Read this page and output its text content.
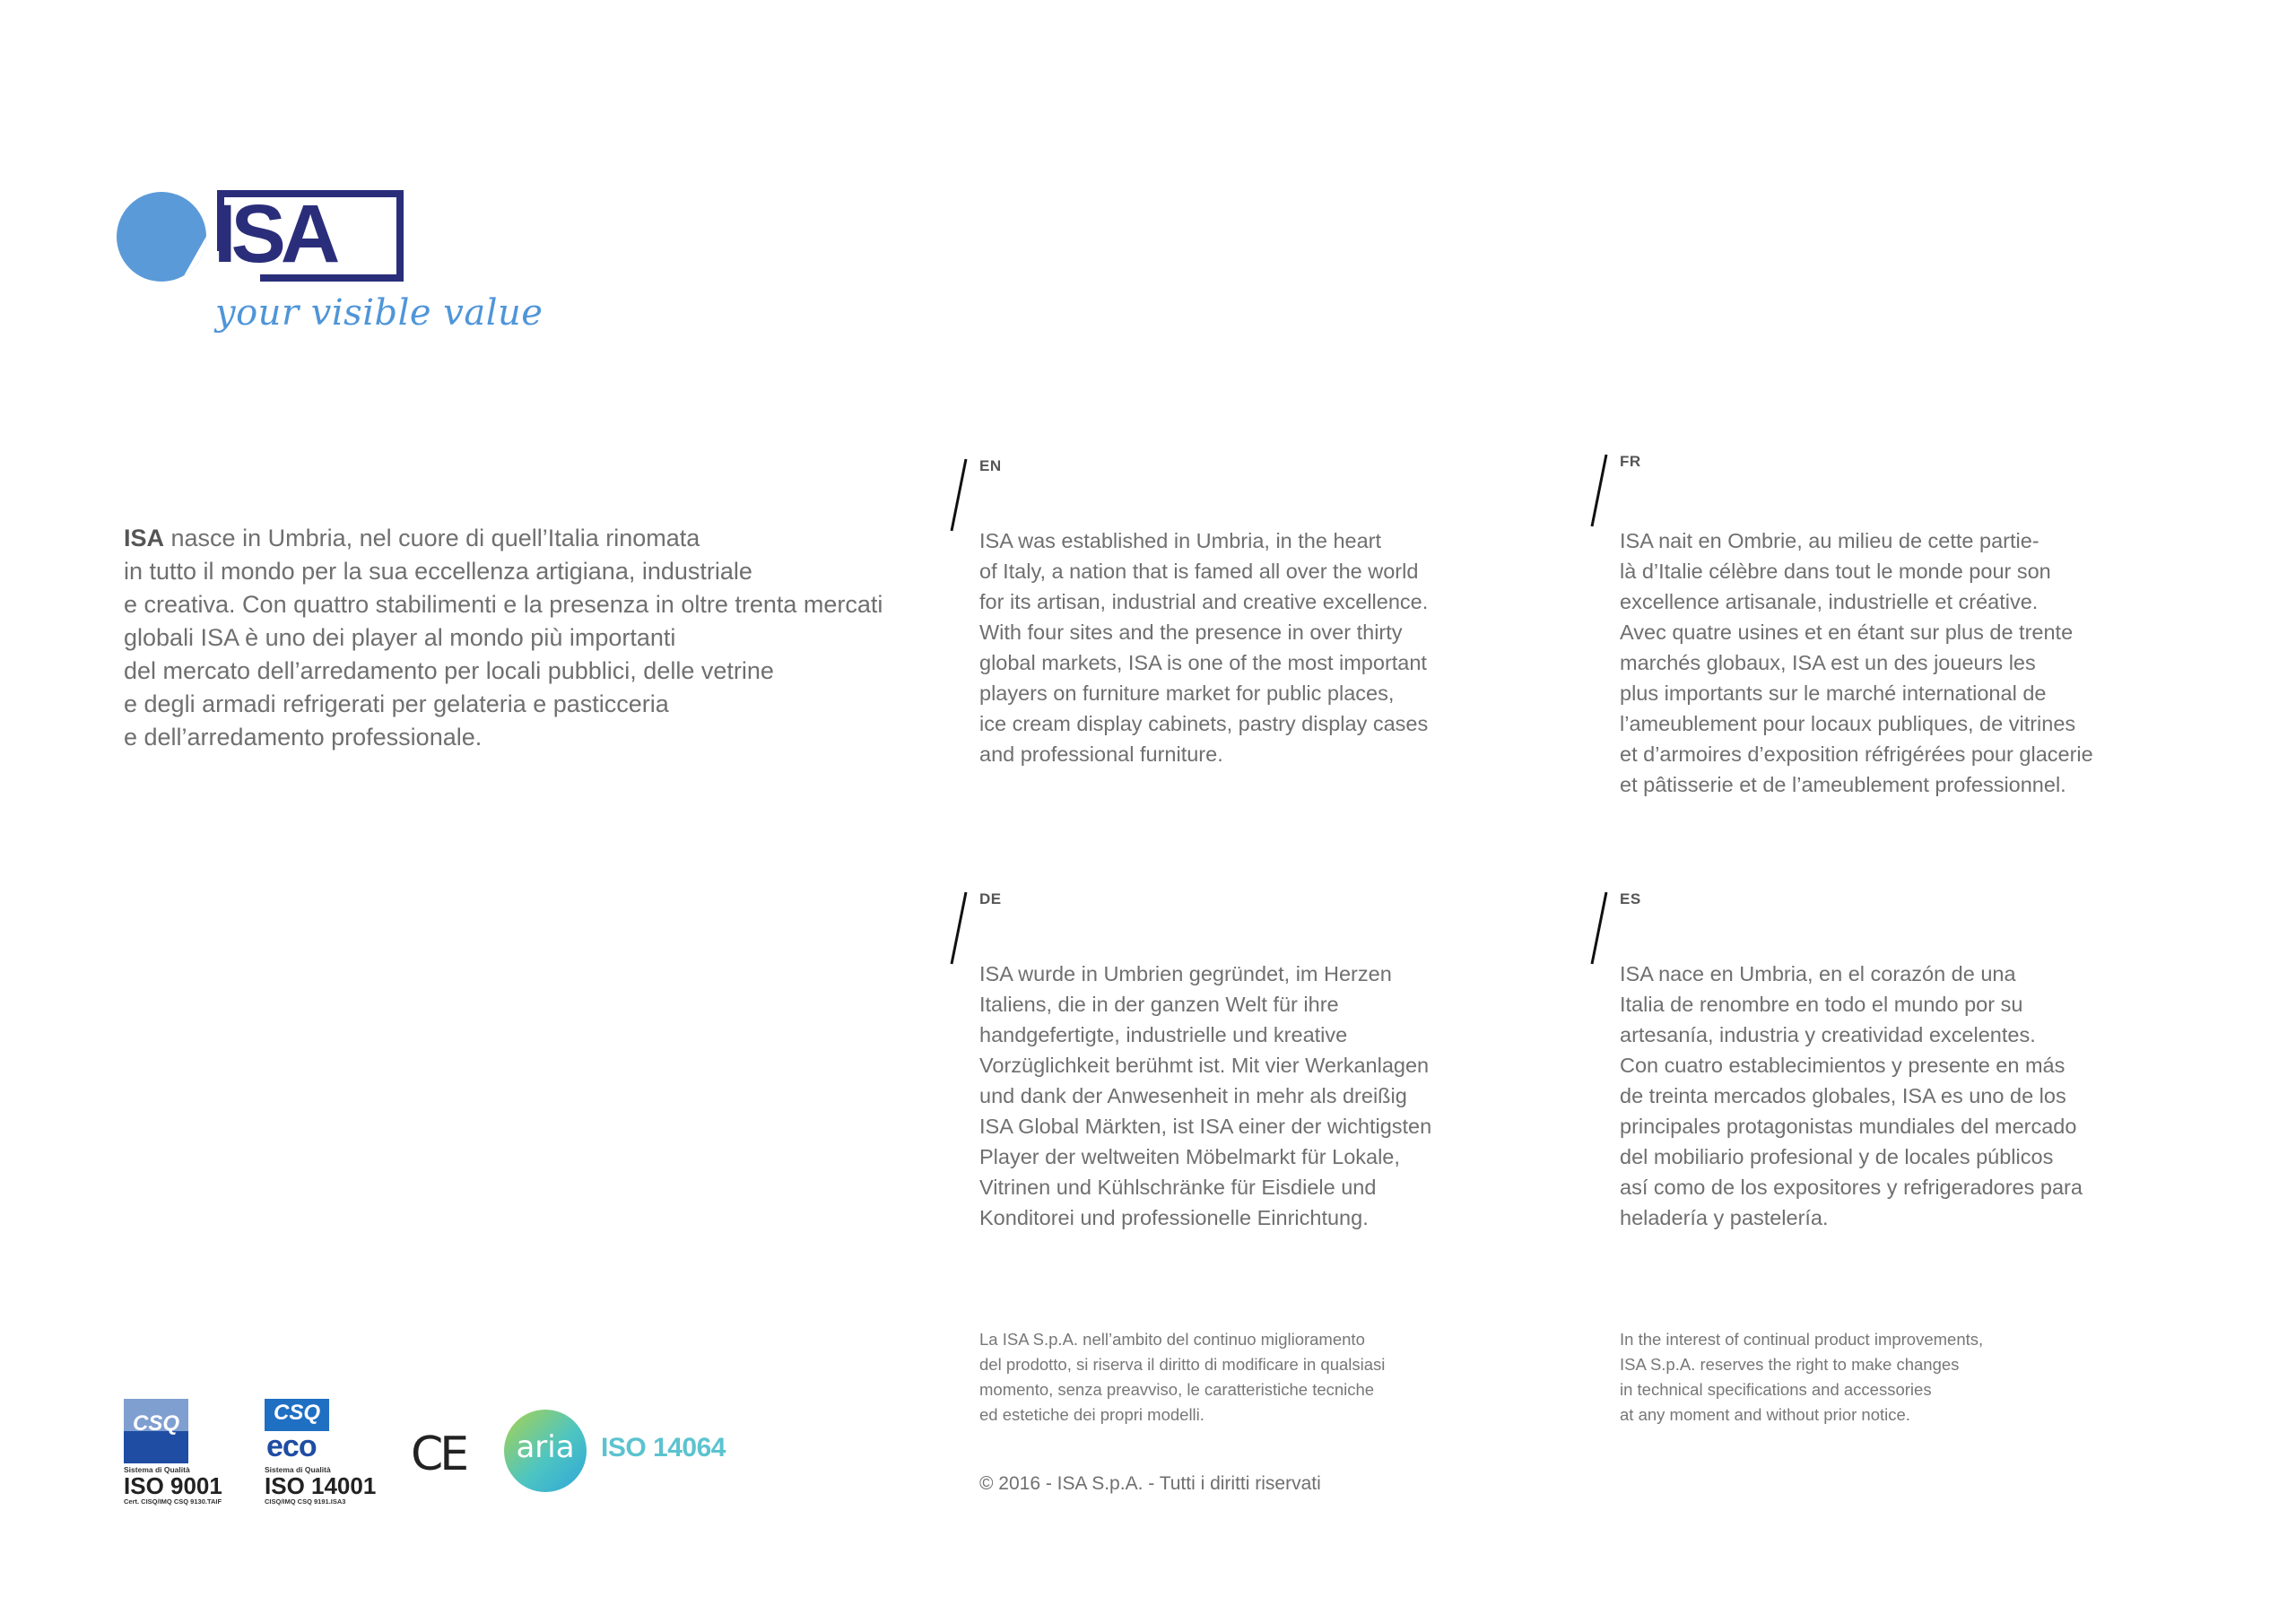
ISA
your visible value
ISA nasce in Umbria, nel cuore di quell’Italia rinomata
in tutto il mondo per la sua eccellenza artigiana, industriale
e creativa. Con quattro stabilimenti e la presenza in oltre trenta mercati
globali ISA è uno dei player al mondo più importanti
del mercato dell’arredamento per locali pubblici, delle vetrine
e degli armadi refrigerati per gelateria e pasticceria
e dell’arredamento professionale.
EN
ISA was established in Umbria, in the heart
of Italy, a nation that is famed all over the world
for its artisan, industrial and creative excellence.
With four sites and the presence in over thirty
global markets, ISA is one of the most important
players on furniture market for public places,
ice cream display cabinets, pastry display cases
and professional furniture.
FR
ISA nait en Ombrie, au milieu de cette partie-
là d’Italie célèbre dans tout le monde pour son
excellence artisanale, industrielle et créative.
Avec quatre usines et en étant sur plus de trente
marchés globaux, ISA est un des joueurs les
plus importants sur le marché international de
l’ameublement pour locaux publiques, de vitrines
et d’armoires d’exposition réfrigérées pour glacerie
et pâtisserie et de l’ameublement professionnel.
DE
ISA wurde in Umbrien gegründet, im Herzen
Italiens, die in der ganzen Welt für ihre
handgefertigte, industrielle und kreative
Vorzüglichkeit berühmt ist. Mit vier Werkanlagen
und dank der Anwesenheit in mehr als dreißig
ISA Global Märkten, ist ISA einer der wichtigsten
Player der weltweiten Möbelmarkt für Lokale,
Vitrinen und Kühlschränke für Eisdiele und
Konditorei und professionelle Einrichtung.
ES
ISA nace en Umbria, en el corazón de una
Italia de renombre en todo el mundo por su
artesanía, industria y creatividad excelentes.
Con cuatro establecimientos y presente en más
de treinta mercados globales, ISA es uno de los
principales protagonistas mundiales del mercado
del mobiliario profesional y de locales públicos
así como de los expositores y refrigeradores para
heladería y pastelería.
La ISA S.p.A. nell’ambito del continuo miglioramento
del prodotto, si riserva il diritto di modificare in qualsiasi
momento, senza preavviso, le caratteristiche tecniche
ed estetiche dei propri modelli.
In the interest of continual product improvements,
ISA S.p.A. reserves the right to make changes
in technical specifications and accessories
at any moment and without prior notice.
© 2016 - ISA S.p.A. - Tutti i diritti riservati
CSQ
Sistema di Qualità
ISO 9001
Cert. CISQ/IMQ CSQ 9130.TAIF
CSQ
eco
Sistema di Qualità
ISO 14001
CISQ/IMQ CSQ 9191.ISA3
CE	aria ISO 14064
